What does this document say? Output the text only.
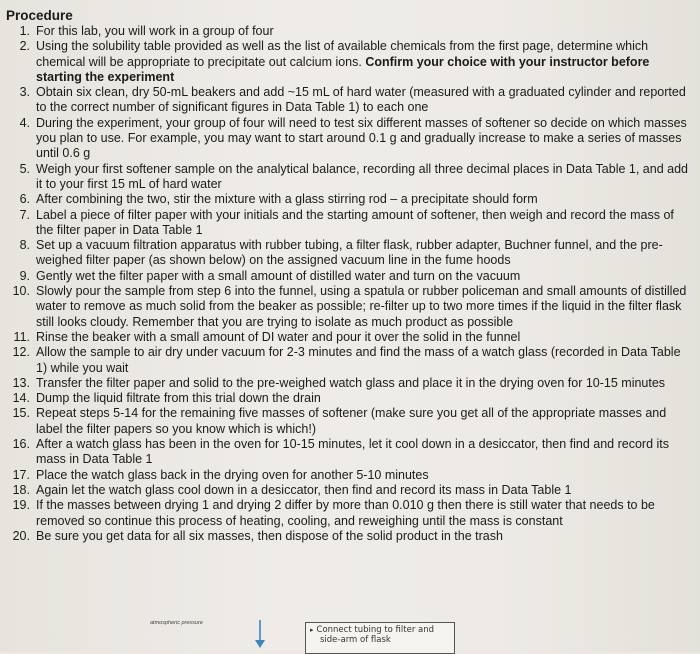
Procedure
1. For this lab, you will work in a group of four
2. Using the solubility table provided as well as the list of available chemicals from the first page, determine which chemical will be appropriate to precipitate out calcium ions. Confirm your choice with your instructor before starting the experiment
3. Obtain six clean, dry 50-mL beakers and add ~15 mL of hard water (measured with a graduated cylinder and reported to the correct number of significant figures in Data Table 1) to each one
4. During the experiment, your group of four will need to test six different masses of softener so decide on which masses you plan to use. For example, you may want to start around 0.1 g and gradually increase to make a series of masses until 0.6 g
5. Weigh your first softener sample on the analytical balance, recording all three decimal places in Data Table 1, and add it to your first 15 mL of hard water
6. After combining the two, stir the mixture with a glass stirring rod – a precipitate should form
7. Label a piece of filter paper with your initials and the starting amount of softener, then weigh and record the mass of the filter paper in Data Table 1
8. Set up a vacuum filtration apparatus with rubber tubing, a filter flask, rubber adapter, Buchner funnel, and the pre-weighed filter paper (as shown below) on the assigned vacuum line in the fume hoods
9. Gently wet the filter paper with a small amount of distilled water and turn on the vacuum
10. Slowly pour the sample from step 6 into the funnel, using a spatula or rubber policeman and small amounts of distilled water to remove as much solid from the beaker as possible; re-filter up to two more times if the liquid in the filter flask still looks cloudy. Remember that you are trying to isolate as much product as possible
11. Rinse the beaker with a small amount of DI water and pour it over the solid in the funnel
12. Allow the sample to air dry under vacuum for 2-3 minutes and find the mass of a watch glass (recorded in Data Table 1) while you wait
13. Transfer the filter paper and solid to the pre-weighed watch glass and place it in the drying oven for 10-15 minutes
14. Dump the liquid filtrate from this trial down the drain
15. Repeat steps 5-14 for the remaining five masses of softener (make sure you get all of the appropriate masses and label the filter papers so you know which is which!)
16. After a watch glass has been in the oven for 10-15 minutes, let it cool down in a desiccator, then find and record its mass in Data Table 1
17. Place the watch glass back in the drying oven for another 5-10 minutes
18. Again let the watch glass cool down in a desiccator, then find and record its mass in Data Table 1
19. If the masses between drying 1 and drying 2 differ by more than 0.010 g then there is still water that needs to be removed so continue this process of heating, cooling, and reweighing until the mass is constant
20. Be sure you get data for all six masses, then dispose of the solid product in the trash
atmospheric pressure
▸ Connect tubing to filter and
side-arm of flask
